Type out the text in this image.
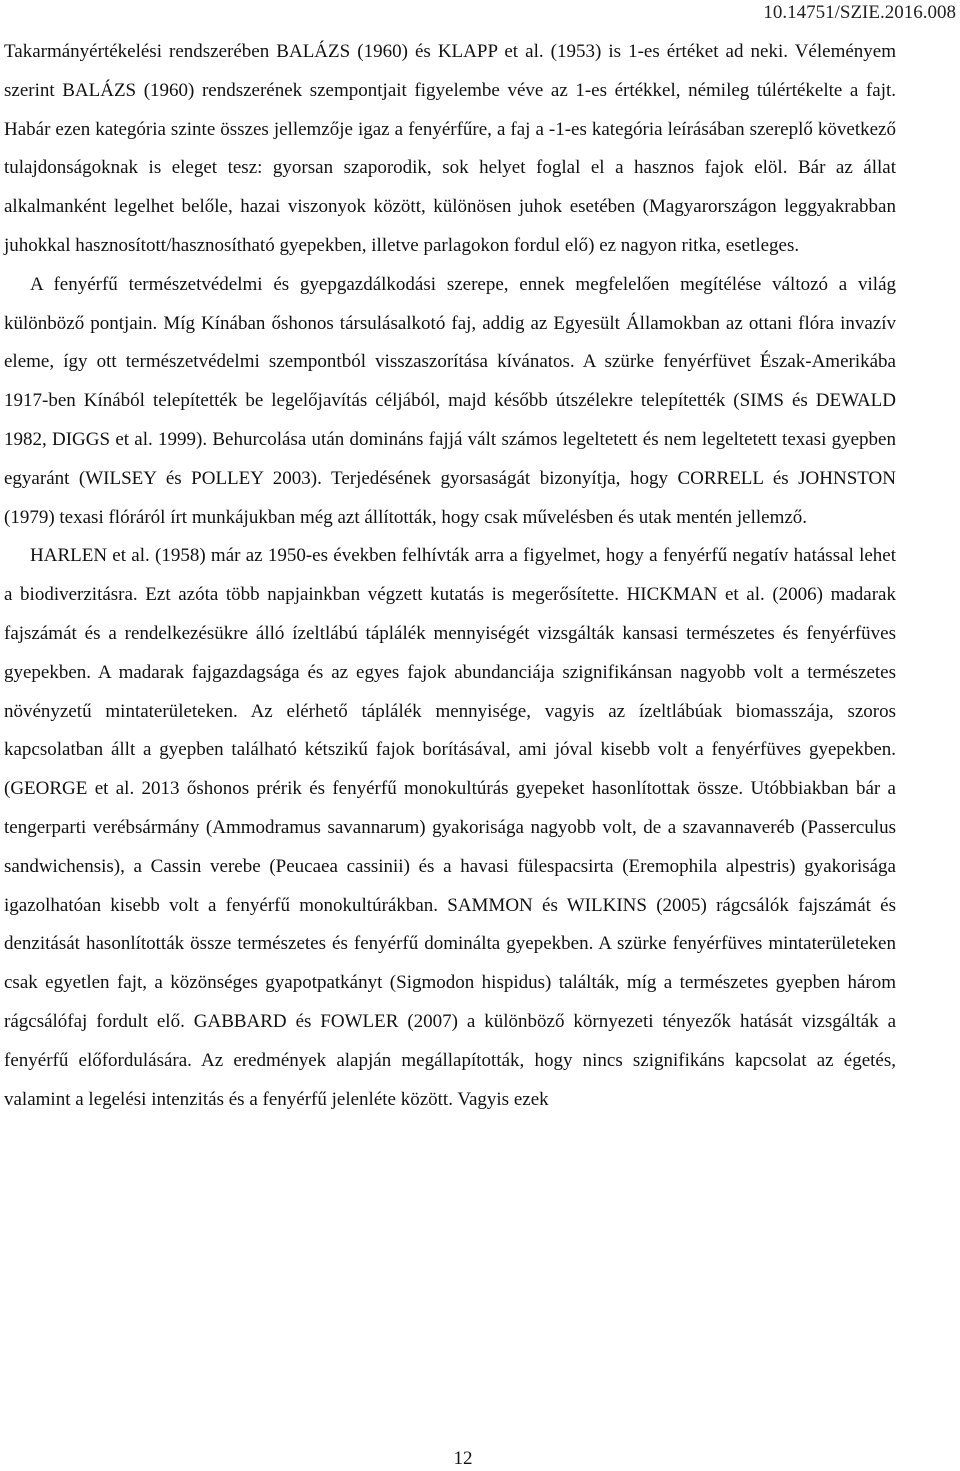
10.14751/SZIE.2016.008

Takarmányértékelési rendszerében BALÁZS (1960) és KLAPP et al. (1953) is 1-es értéket ad neki. Véleményem szerint BALÁZS (1960) rendszerének szempontjait figyelembe véve az 1-es értékkel, némileg túlértékelte a fajt. Habár ezen kategória szinte összes jellemzője igaz a fenyérfűre, a faj a -1-es kategória leírásában szereplő következő tulajdonságoknak is eleget tesz: gyorsan szaporodik, sok helyet foglal el a hasznos fajok elöl. Bár az állat alkalmanként legelhet belőle, hazai viszonyok között, különösen juhok esetében (Magyarországon leggyakrabban juhokkal hasznosított/hasznosítható gyepekben, illetve parlagokon fordul elő) ez nagyon ritka, esetleges.

A fenyérfű természetvédelmi és gyepgazdálkodási szerepe, ennek megfelelően megítélése változó a világ különböző pontjain. Míg Kínában őshonos társulásalkotó faj, addig az Egyesült Államokban az ottani flóra invazív eleme, így ott természetvédelmi szempontból visszaszorítása kívánatos. A szürke fenyérfüvet Észak-Amerikába 1917-ben Kínából telepítették be legelőjavítás céljából, majd később útszélekre telepítették (SIMS és DEWALD 1982, DIGGS et al. 1999). Behurcolása után domináns fajjá vált számos legeltetett és nem legeltetett texasi gyepben egyaránt (WILSEY és POLLEY 2003). Terjedésének gyorsaságát bizonyítja, hogy CORRELL és JOHNSTON (1979) texasi flóráról írt munkájukban még azt állították, hogy csak művelésben és utak mentén jellemző.

HARLEN et al. (1958) már az 1950-es években felhívták arra a figyelmet, hogy a fenyérfű negatív hatással lehet a biodiverzitásra. Ezt azóta több napjainkban végzett kutatás is megerősítette. HICKMAN et al. (2006) madarak fajszámát és a rendelkezésükre álló ízeltlábú táplálék mennyiségét vizsgálták kansasi természetes és fenyérfüves gyepekben. A madarak fajgazdagsága és az egyes fajok abundanciája szignifikánsan nagyobb volt a természetes növényzetű mintaterületeken. Az elérhető táplálék mennyisége, vagyis az ízeltlábúak biomasszája, szoros kapcsolatban állt a gyepben található kétszikű fajok borításával, ami jóval kisebb volt a fenyérfüves gyepekben. (GEORGE et al. 2013 őshonos prérik és fenyérfű monokultúrás gyepeket hasonlítottak össze. Utóbbiakban bár a tengerparti verébsármány (Ammodramus savannarum) gyakorisága nagyobb volt, de a szavannaveréb (Passerculus sandwichensis), a Cassin verebe (Peucaea cassinii) és a havasi fülespacsirta (Eremophila alpestris) gyakorisága igazolhatóan kisebb volt a fenyérfű monokultúrákban. SAMMON és WILKINS (2005) rágcsálók fajszámát és denzitását hasonlították össze természetes és fenyérfű dominálta gyepekben. A szürke fenyérfüves mintaterületeken csak egyetlen fajt, a közönséges gyapotpatkányt (Sigmodon hispidus) találták, míg a természetes gyepben három rágcsálófaj fordult elő. GABBARD és FOWLER (2007) a különböző környezeti tényezők hatását vizsgálták a fenyérfű előfordulására. Az eredmények alapján megállapították, hogy nincs szignifikáns kapcsolat az égetés, valamint a legelési intenzitás és a fenyérfű jelenléte között. Vagyis ezek

12
